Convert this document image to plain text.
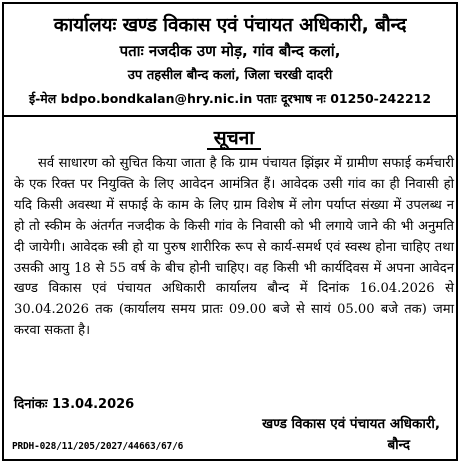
कार्यालयः खण्ड विकास एवं पंचायत अधिकारी, बौन्द
पताः नजदीक उण मोड़, गांव बौन्द कलां,
उप तहसील बौन्द कलां, जिला चरखी दादरी
ई-मेल bdpo.bondkalan@hry.nic.in पताः दूरभाष नः 01250-242212
सूचना
सर्व साधारण को सुचित किया जाता है कि ग्राम पंचायत झिंझर में ग्रामीण सफाई कर्मचारी के एक रिक्त पर नियुक्ति के लिए आवेदन आमंत्रित हैं। आवेदक उसी गांव का ही निवासी हो यदि किसी अवस्था में सफाई के काम के लिए ग्राम विशेष में लोग पर्याप्त संख्या में उपलब्ध न हो तो स्कीम के अंतर्गत नजदीक के किसी गांव के निवासी को भी लगाये जाने की भी अनुमति दी जायेगी। आवेदक स्त्री हो या पुरुष शारीरिक रूप से कार्य-समर्थ एवं स्वस्थ होना चाहिए तथा उसकी आयु 18 से 55 वर्ष के बीच होनी चाहिए। वह किसी भी कार्यदिवस में अपना आवेदन खण्ड विकास एवं पंचायत अधिकारी कार्यालय बौन्द में दिनांक 16.04.2026 से 30.04.2026 तक (कार्यालय समय प्रातः 09.00 बजे से सायं 05.00 बजे तक) जमा करवा सकता है।
दिनांकः 13.04.2026
खण्ड विकास एवं पंचायत अधिकारी,
बौन्द
PRDH-028/11/205/2027/44663/67/6
